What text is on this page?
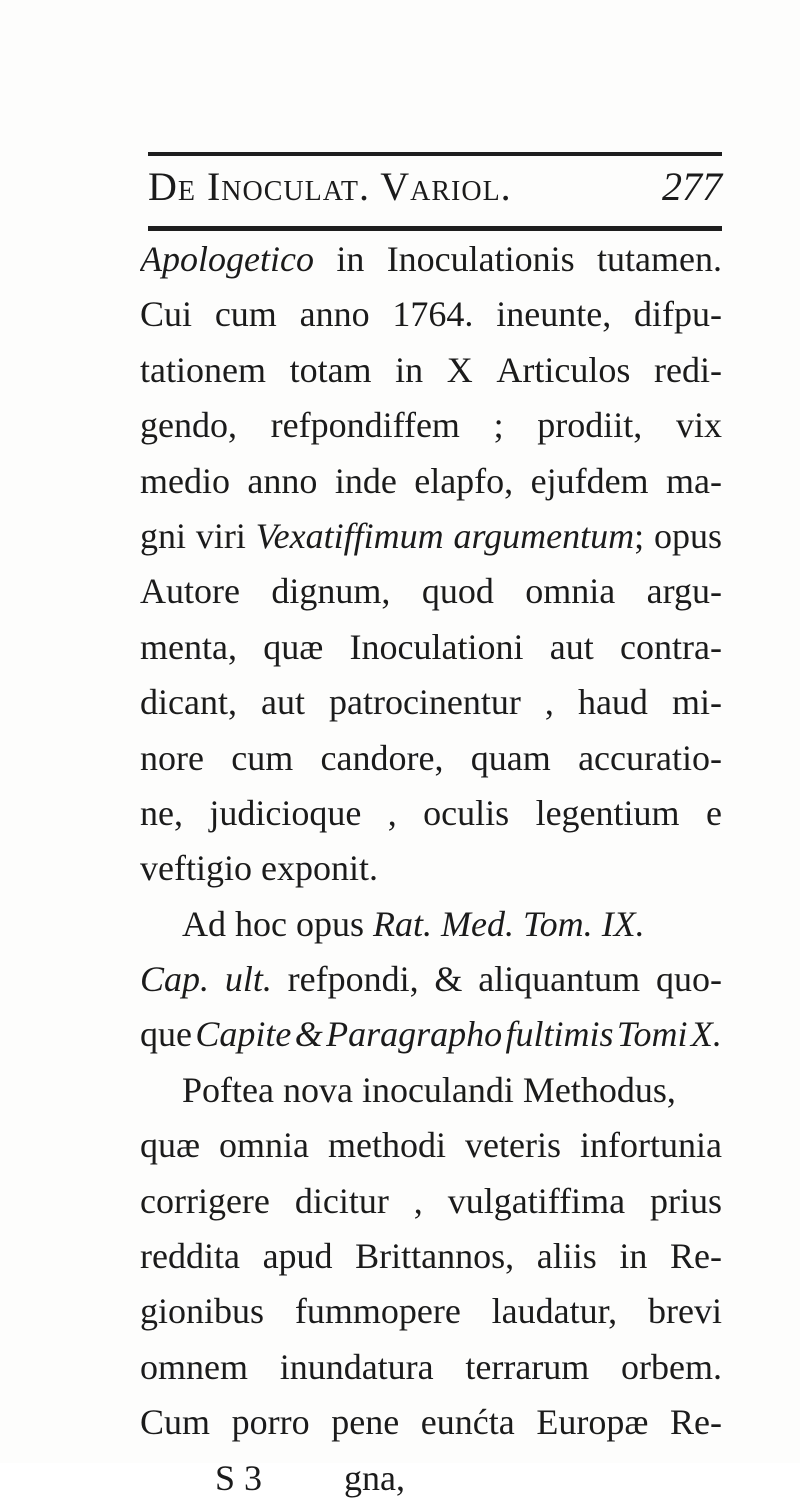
De Inoculat. Variol.	277
Apologetico in Inoculationis tutamen.
Cui cum anno 1764. ineunte, difpu-
tationem totam in X Articulos redi-
gendo, refpondiffem ; prodiit, vix
medio anno inde elapfo, ejufdem ma-
gni viri Vexatiffimum argumentum; opus
Autore dignum, quod omnia argu-
menta, quæ Inoculationi aut contra-
dicant, aut patrocinentur , haud mi-
nore cum candore, quam accuratio-
ne, judicioque , oculis legentium e
veftigio
exponit.
Ad
hoc
opus
Rat.
Med.
Tom.
IX.
Cap. ult. refpondi, & aliquantum quo-
que Capite & Paragrapho fultimis Tomi X.
Poftea
nova
inoculandi
Methodus,
quæ omnia methodi veteris infortunia
corrigere dicitur , vulgatiffima prius
reddita apud Brittannos, aliis in Re-
gionibus fummopere laudatur, brevi
omnem inundatura terrarum orbem.
Cum porro pene eunćta Europæ Re-
S 3 gna,
